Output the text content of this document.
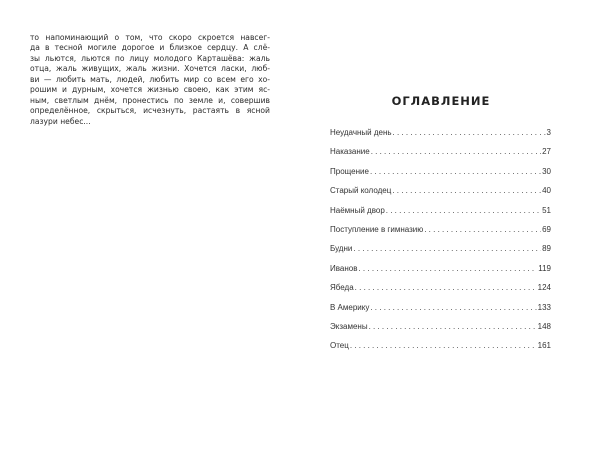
то напоминающий о том, что скоро скроется навсег-
да в тесной могиле дорогое и близкое сердцу. А слё-
зы льются, льются по лицу молодого Карташёва: жаль
отца, жаль живущих, жаль жизни. Хочется ласки, люб-
ви — любить мать, людей, любить мир со всем его хо-
рошим и дурным, хочется жизнью своею, как этим яс-
ным, светлым днём, пронестись по земле и, совершив
определённое, скрыться, исчезнуть, растаять в ясной
лазури небес...
ОГЛАВЛЕНИЕ
Неудачный день . . .	3
Наказание . . .	27
Прощение . . .	30
Старый колодец . . .	40
Наёмный двор . . .	51
Поступление в гимназию . . .	69
Будни . . .	89
Иванов . . .	119
Ябеда . . .	124
В Америку . . .	133
Экзамены . . .	148
Отец . . .	161
